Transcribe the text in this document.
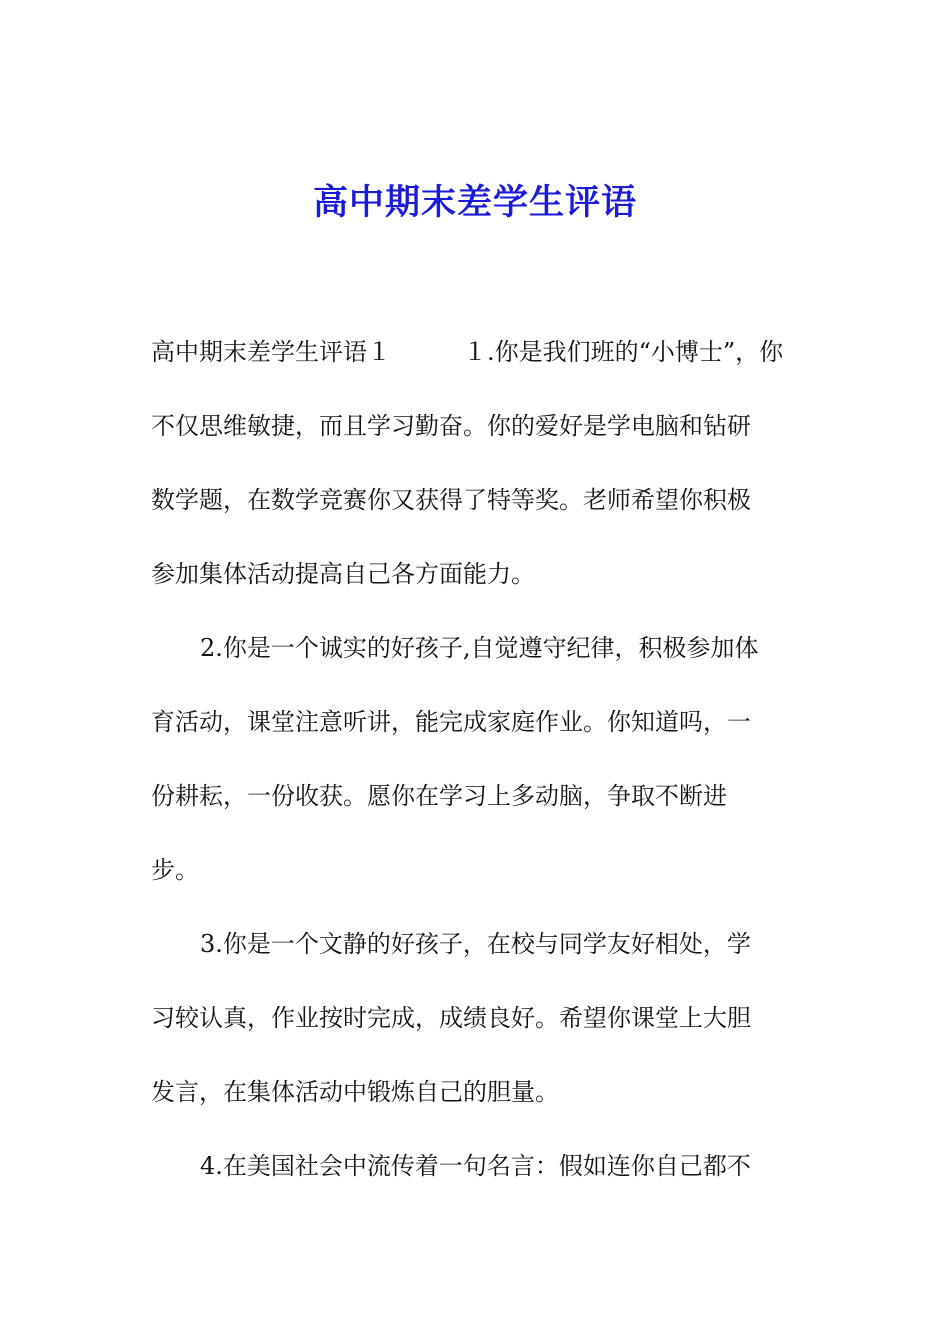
高中期末差学生评语
高中期末差学生评语１　　　１.你是我们班的“小博士”，你
不仅思维敏捷，而且学习勤奋。你的爱好是学电脑和钻研
数学题，在数学竞赛你又获得了特等奖。老师希望你积极
参加集体活动提高自己各方面能力。
2.你是一个诚实的好孩子,自觉遵守纪律，积极参加体
育活动，课堂注意听讲，能完成家庭作业。你知道吗，一
份耕耘，一份收获。愿你在学习上多动脑，争取不断进
步。
3.你是一个文静的好孩子，在校与同学友好相处，学
习较认真，作业按时完成，成绩良好。希望你课堂上大胆
发言，在集体活动中锻炼自己的胆量。
4.在美国社会中流传着一句名言：假如连你自己都不
